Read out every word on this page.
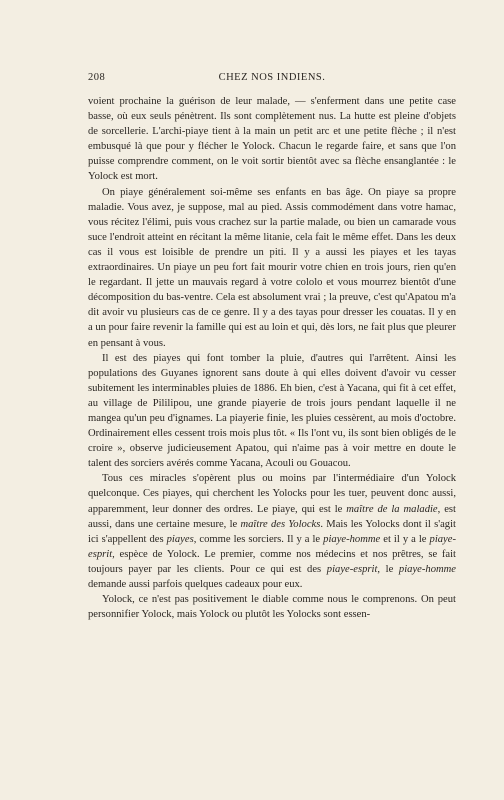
208	CHEZ NOS INDIENS.

voient prochaine la guérison de leur malade, — s'enferment dans une petite case basse, où eux seuls pénètrent. Ils sont complètement nus. La hutte est pleine d'objets de sorcellerie. L'archi-piaye tient à la main un petit arc et une petite flèche ; il n'est embusqué là que pour y flécher le Yolock. Chacun le regarde faire, et sans que l'on puisse comprendre comment, on le voit sortir bientôt avec sa flèche ensanglantée : le Yolock est mort.

On piaye généralement soi-même ses enfants en bas âge. On piaye sa propre maladie. Vous avez, je suppose, mal au pied. Assis commodément dans votre hamac, vous récitez l'élimi, puis vous crachez sur la partie malade, ou bien un camarade vous suce l'endroit atteint en récitant la même litanie, cela fait le même effet. Dans les deux cas il vous est loisible de prendre un piti. Il y a aussi les piayes et les tayas extraordinaires. Un piaye un peu fort fait mourir votre chien en trois jours, rien qu'en le regardant. Il jette un mauvais regard à votre cololo et vous mourrez bientôt d'une décomposition du bas-ventre. Cela est absolument vrai ; la preuve, c'est qu'Apatou m'a dit avoir vu plusieurs cas de ce genre. Il y a des tayas pour dresser les couatas. Il y en a un pour faire revenir la famille qui est au loin et qui, dès lors, ne fait plus que pleurer en pensant à vous.

Il est des piayes qui font tomber la pluie, d'autres qui l'arrêtent. Ainsi les populations des Guyanes ignorent sans doute à qui elles doivent d'avoir vu cesser subitement les interminables pluies de 1886. Eh bien, c'est à Yacana, qui fit à cet effet, au village de Pililipou, une grande piayerie de trois jours pendant laquelle il ne mangea qu'un peu d'ignames. La piayerie finie, les pluies cessèrent, au mois d'octobre. Ordinairement elles cessent trois mois plus tôt. « Ils l'ont vu, ils sont bien obligés de le croire », observe judicieusement Apatou, qui n'aime pas à voir mettre en doute le talent des sorciers avérés comme Yacana, Acouli ou Gouacou.

Tous ces miracles s'opèrent plus ou moins par l'intermédiaire d'un Yolock quelconque. Ces piayes, qui cherchent les Yolocks pour les tuer, peuvent donc aussi, apparemment, leur donner des ordres. Le piaye, qui est le maître de la maladie, est aussi, dans une certaine mesure, le maître des Yolocks. Mais les Yolocks dont il s'agit ici s'appellent des piayes, comme les sorciers. Il y a le piaye-homme et il y a le piaye-esprit, espèce de Yolock. Le premier, comme nos médecins et nos prêtres, se fait toujours payer par les clients. Pour ce qui est des piaye-esprit, le piaye-homme demande aussi parfois quelques cadeaux pour eux.

Yolock, ce n'est pas positivement le diable comme nous le comprenons. On peut personnifier Yolock, mais Yolock ou plutôt les Yolocks sont essen-
